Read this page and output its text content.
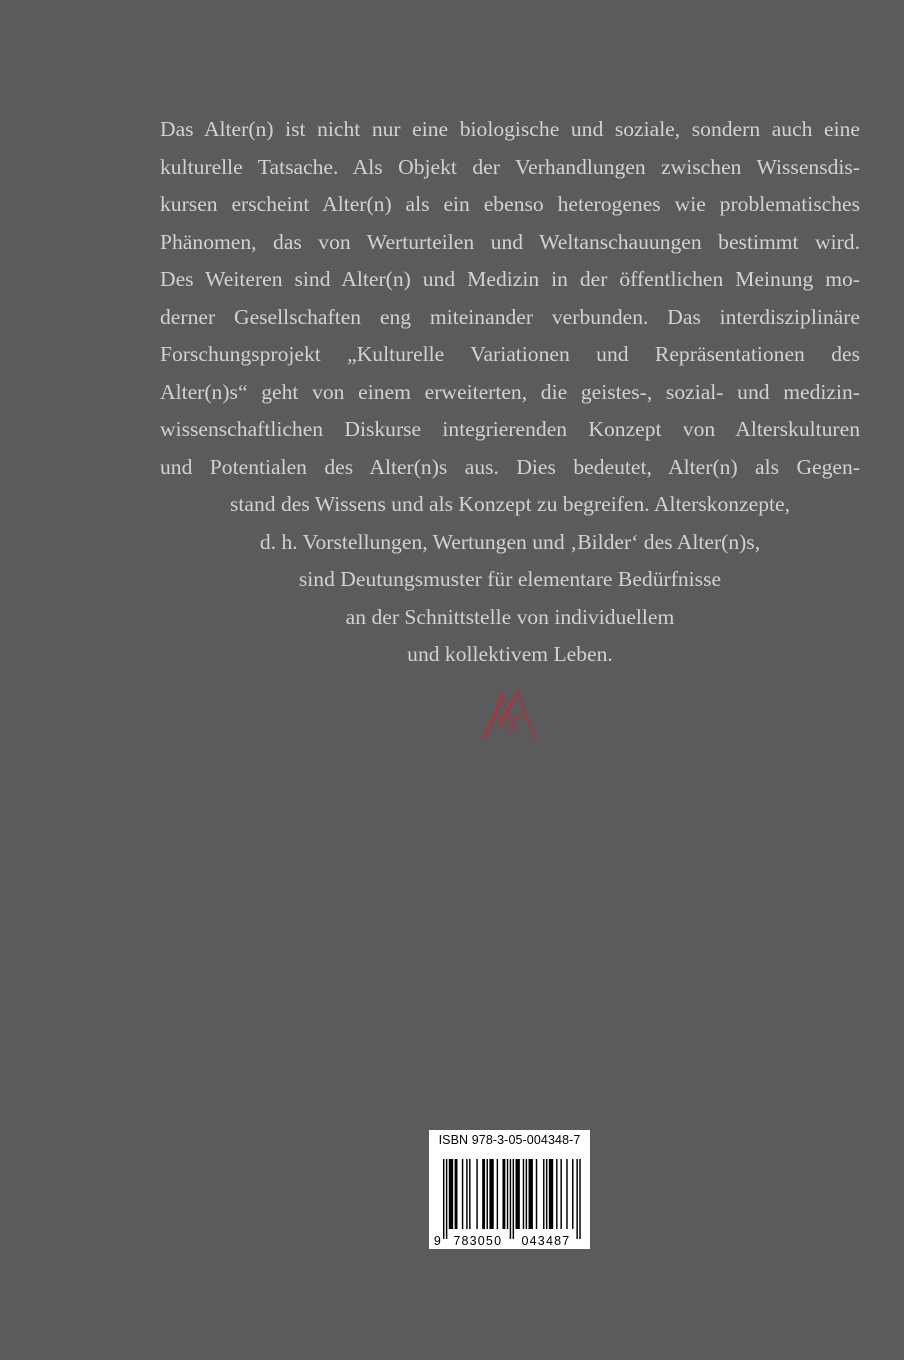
Das Alter(n) ist nicht nur eine biologische und soziale, sondern auch eine
kulturelle Tatsache. Als Objekt der Verhandlungen zwischen Wissensdis-
kursen erscheint Alter(n) als ein ebenso heterogenes wie problematisches
Phänomen, das von Werturteilen und Weltanschauungen bestimmt wird.
Des Weiteren sind Alter(n) und Medizin in der öffentlichen Meinung mo-
derner Gesellschaften eng miteinander verbunden. Das interdisziplinäre
Forschungsprojekt „Kulturelle Variationen und Repräsentationen des
Alter(n)s“ geht von einem erweiterten, die geistes-, sozial- und medizin-
wissenschaftlichen Diskurse integrierenden Konzept von Alterskulturen
und Potentialen des Alter(n)s aus. Dies bedeutet, Alter(n) als Gegen-
stand des Wissens und als Konzept zu begreifen. Alterskonzepte,
d. h. Vorstellungen, Wertungen und ‚Bilder‘ des Alter(n)s,
sind Deutungsmuster für elementare Bedürfnisse
an der Schnittstelle von individuellem
und kollektivem Leben.
ISBN 978-3-05-004348-7
9 783050 043487
